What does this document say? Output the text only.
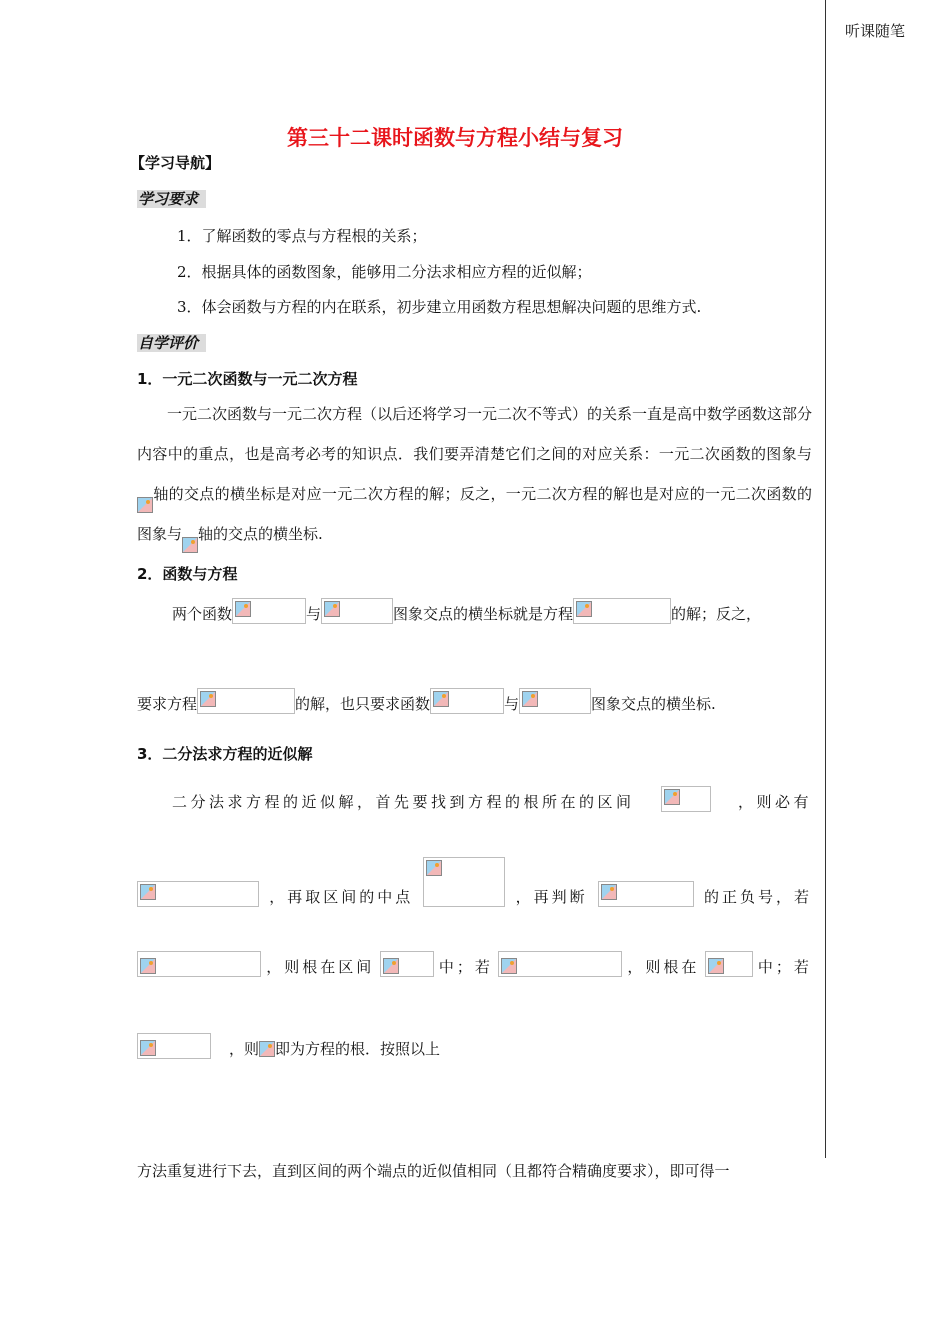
听课随笔
第三十二课时函数与方程小结与复习
【学习导航】
学习要求
1．了解函数的零点与方程根的关系；
2．根据具体的函数图象，能够用二分法求相应方程的近似解；
3．体会函数与方程的内在联系，初步建立用函数方程思想解决问题的思维方式.
自学评价
1．一元二次函数与一元二次方程

一元二次函数与一元二次方程（以后还将学习一元二次不等式）的关系一直是高中数学函数这部分内容中的重点，也是高考必考的知识点．我们要弄清楚它们之间的对应关系：一元二次函数的图象与
轴的交点的横坐标是对应一元二次方程的解；反之，一元二次方程的解也是对应的一元二次函数的图象与 轴的交点的横坐标.

2．函数与方程
两个函数	与	图象交点的横坐标就是方程	的解；反之，
要求方程	的解，也只要求函数	与	图象交点的横坐标.
3．二分法求方程的近似解
二分法求方程的近似解，首先要找到方程的根所在的区间	，则必有
，再取区间的中点	，再判断	的正负号，若
，则根在区间	中；若	，则根在	中；若
，则 即为方程的根．按照以上
方法重复进行下去，直到区间的两个端点的近似值相同（且都符合精确度要求），即可得一
